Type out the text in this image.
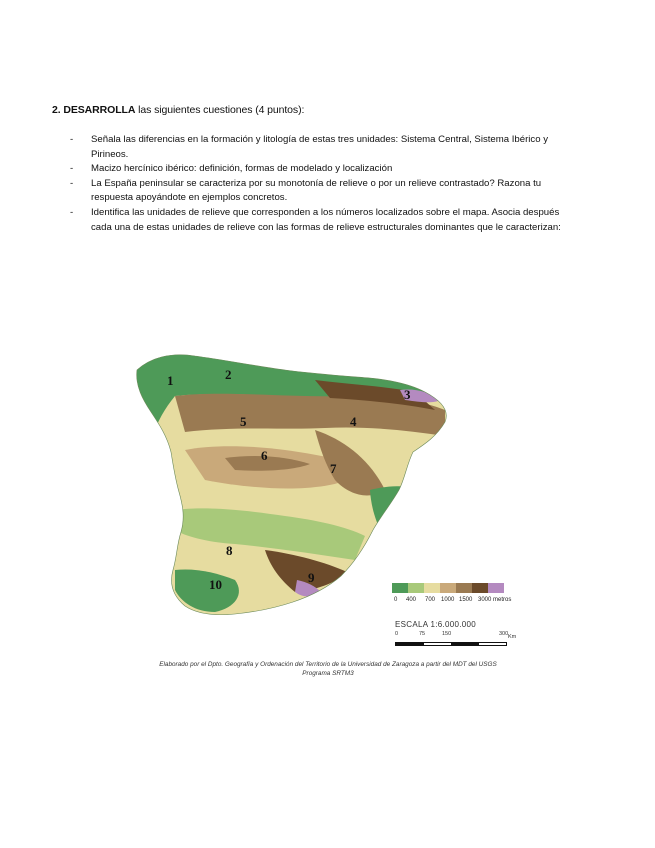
2. DESARROLLA las siguientes cuestiones (4 puntos):
- Señala las diferencias en la formación y litología de estas tres unidades: Sistema Central, Sistema Ibérico y Pirineos.
- Macizo hercínico ibérico: definición, formas de modelado y localización
- La España peninsular se caracteriza por su monotonía de relieve o por un relieve contrastado? Razona tu respuesta apoyándote en ejemplos concretos.
- Identifica las unidades de relieve que corresponden a los números localizados sobre el mapa. Asocia después cada una de estas unidades de relieve con las formas de relieve estructurales dominantes que le caracterizan:
1	2
3
4
5
6
7
8
9
10
0 400 700 1000 1500 3000 metros
ESCALA 1:6.000.000
0	75	150	300 Km
Elaborado por el Dpto. Geografía y Ordenación del Territorio de la Universidad de Zaragoza a partir del MDT del USGS
Programa SRTM3
